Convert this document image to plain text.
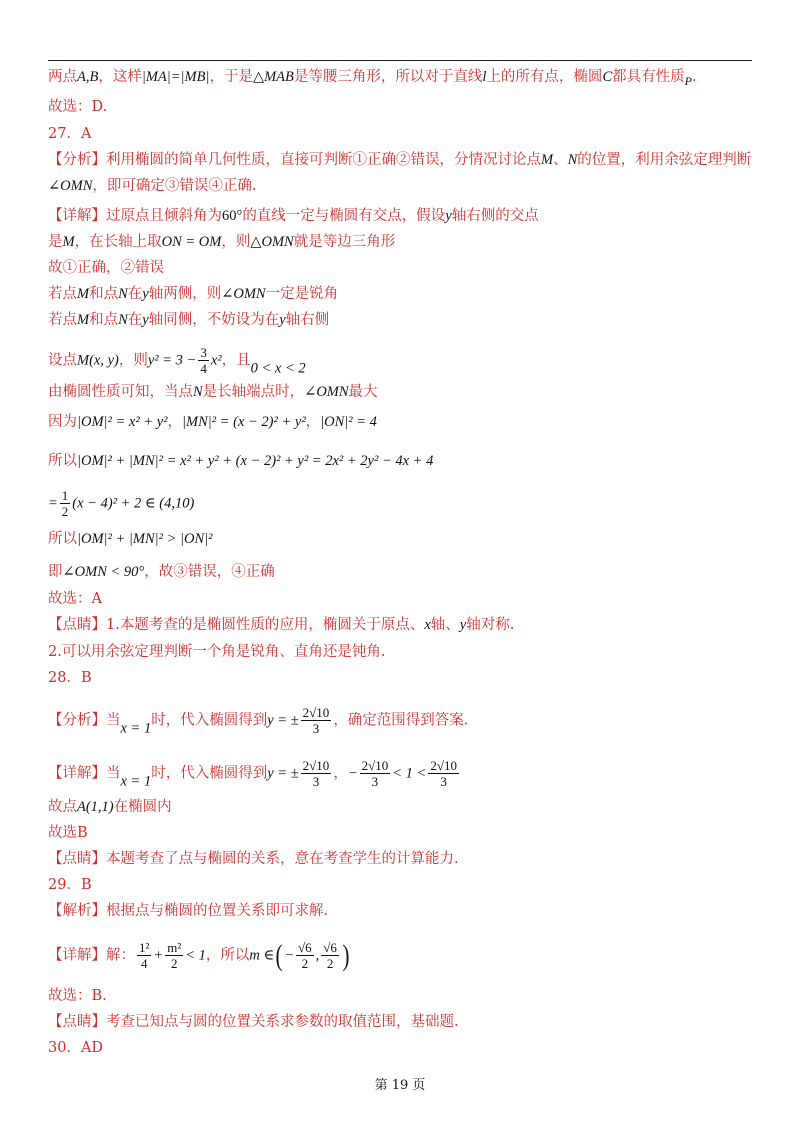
两点A,B，这样|MA|=|MB|，于是△MAB是等腰三角形，所以对于直线l上的所有点，椭圆C都具有性质$_P$.
故选：D.
27．A
【分析】利用椭圆的简单几何性质，直接可判断①正确②错误，分情况讨论点M、N的位置，利用余弦定理判断
∠OMN，即可确定③错误④正确.
【详解】过原点且倾斜角为60°的直线一定与椭圆有交点，假设y轴右侧的交点
是M，在长轴上取ON = OM，则△OMN就是等边三角形
故①正确，②错误
若点M和点N在y轴两侧，则∠OMN一定是锐角
若点M和点N在y轴同侧，不妨设为在y轴右侧
设点M(x, y)，则$y^2 = 3 - \frac{3}{4} x^2$，且0 < x < 2
由椭圆性质可知，当点N是长轴端点时，∠OMN最大
因为|OM|² = x² + y²，|MN|² = (x − 2)² + y²，|ON|² = 4
所以|OM|² + |MN|² = x² + y² + (x − 2)² + y² = 2x² + 2y² − 4x + 4
= $\frac{1}{2} (x - 4)^2 + 2$ ∈ (4,10)
所以|OM|² + |MN|² > |ON|²
即∠OMN < 90°，故③错误，④正确
故选：A
【点睛】1.本题考查的是椭圆性质的应用，椭圆关于原点、x轴、y轴对称.
2.可以用余弦定理判断一个角是锐角、直角还是钝角.
28．B
【分析】当x = 1时，代入椭圆得到y = ± $\frac{2√10}{3}$ ，确定范围得到答案.
【详解】当x = 1时，代入椭圆得到y = ± $\frac{2√10}{3}$ ，− $\frac{2√10}{3} < 1 < \frac{2√10}{3}$
故点A(1,1)在椭圆内
故选B
【点睛】本题考查了点与椭圆的关系，意在考查学生的计算能力.
29．B
【解析】根据点与椭圆的位置关系即可求解.
【详解】解： $\frac{\text{1²}}{4} + \frac{\text{m²}}{2} < 1$，所以m ∈( − $\frac{√6}{2}$ , $\frac{√6}{2}$ )
故选：B.
【点睛】考查已知点与圆的位置关系求参数的取值范围，基础题.
30．AD
第 19 页
